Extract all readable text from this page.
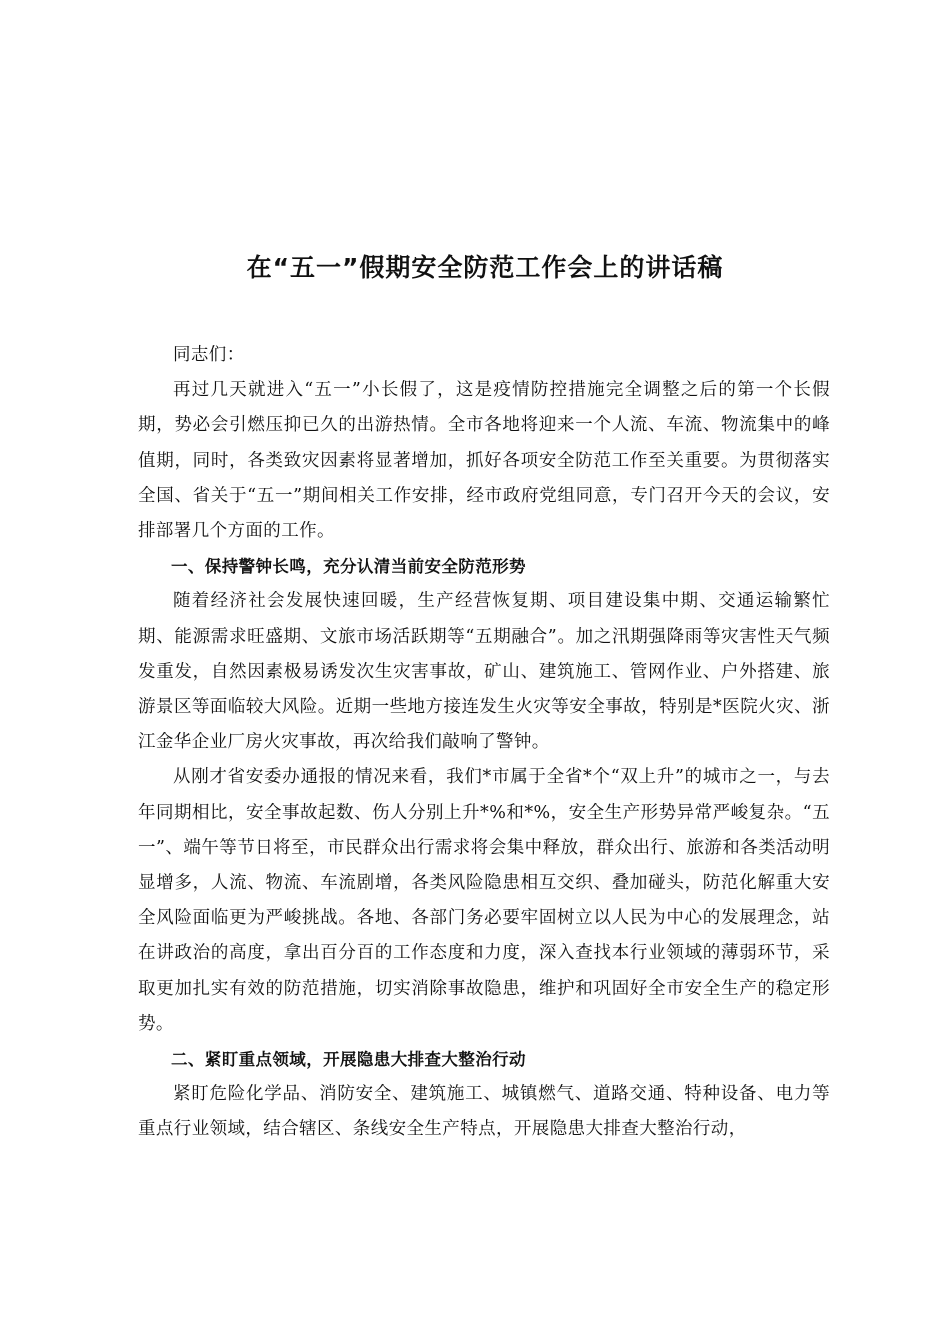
在“五一”假期安全防范工作会上的讲话稿

同志们：

再过几天就进入“五一”小长假了，这是疫情防控措施完全调整之后的第一个长假期，势必会引燃压抑已久的出游热情。全市各地将迎来一个人流、车流、物流集中的峰值期，同时，各类致灾因素将显著增加，抓好各项安全防范工作至关重要。为贯彻落实全国、省关于“五一”期间相关工作安排，经市政府党组同意，专门召开今天的会议，安排部署几个方面的工作。

一、保持警钟长鸣，充分认清当前安全防范形势

随着经济社会发展快速回暖，生产经营恢复期、项目建设集中期、交通运输繁忙期、能源需求旺盛期、文旅市场活跃期等“五期融合”。加之汛期强降雨等灾害性天气频发重发，自然因素极易诱发次生灾害事故，矿山、建筑施工、管网作业、户外搭建、旅游景区等面临较大风险。近期一些地方接连发生火灾等安全事故，特别是*医院火灾、浙江金华企业厂房火灾事故，再次给我们敲响了警钟。

从刚才省安委办通报的情况来看，我们*市属于全省*个“双上升”的城市之一，与去年同期相比，安全事故起数、伤人分别上升*%和*%，安全生产形势异常严峻复杂。“五一”、端午等节日将至，市民群众出行需求将会集中释放，群众出行、旅游和各类活动明显增多，人流、物流、车流剧增，各类风险隐患相互交织、叠加碰头，防范化解重大安全风险面临更为严峻挑战。各地、各部门务必要牢固树立以人民为中心的发展理念，站在讲政治的高度，拿出百分百的工作态度和力度，深入查找本行业领域的薄弱环节，采取更加扎实有效的防范措施，切实消除事故隐患，维护和巩固好全市安全生产的稳定形势。

二、紧盯重点领域，开展隐患大排查大整治行动

紧盯危险化学品、消防安全、建筑施工、城镇燃气、道路交通、特种设备、电力等重点行业领域，结合辖区、条线安全生产特点，开展隐患大排查大整治行动，
